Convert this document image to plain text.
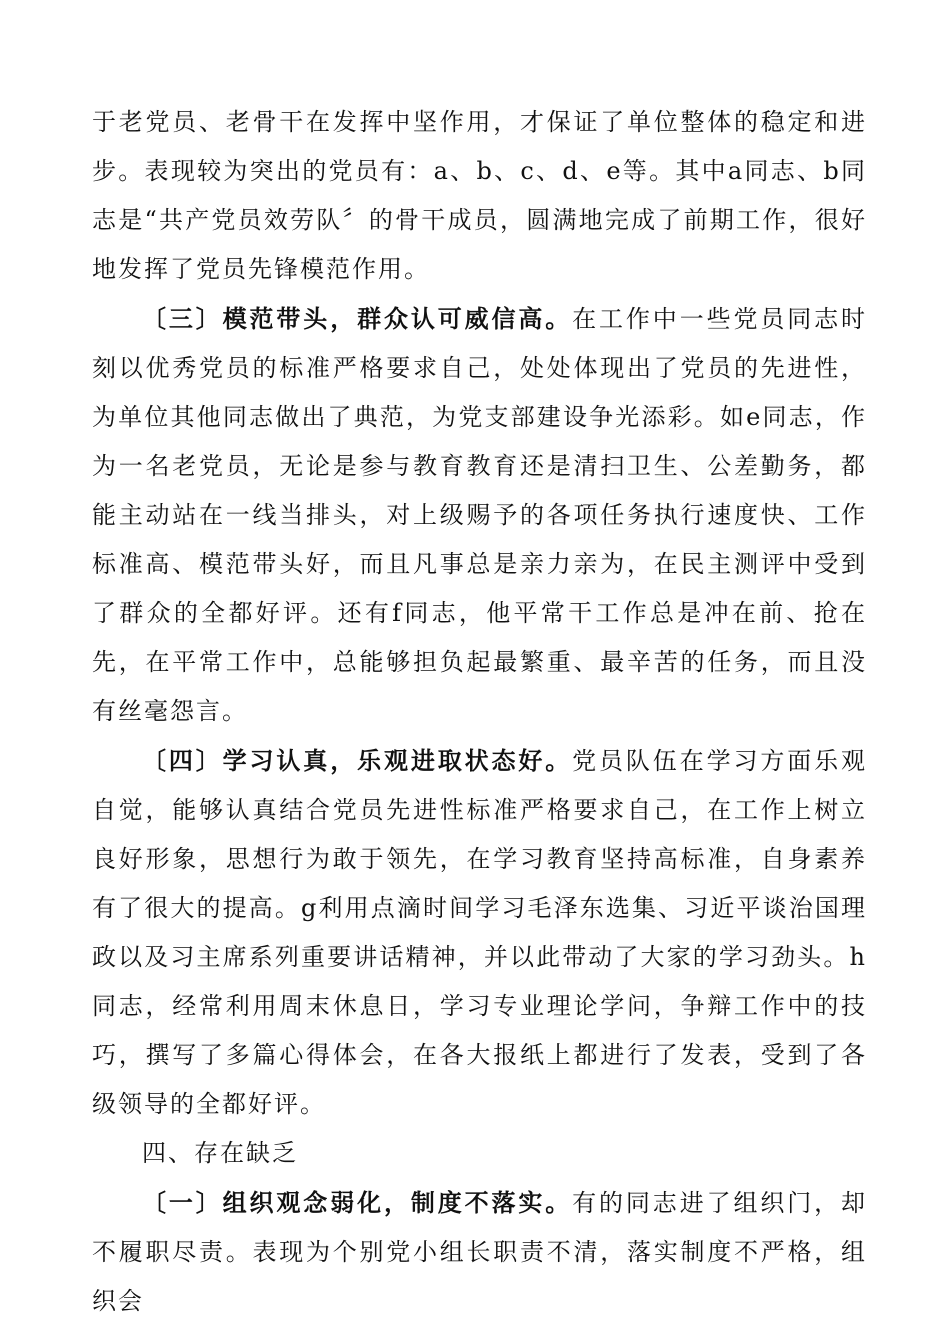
于老党员、老骨干在发挥中坚作用，才保证了单位整体的稳定和进步。表现较为突出的党员有：a、b、c、d、e等。其中a同志、b同志是“共产党员效劳队〞的骨干成员，圆满地完成了前期工作，很好地发挥了党员先锋模范作用。

〔三〕模范带头，群众认可威信高。在工作中一些党员同志时刻以优秀党员的标准严格要求自己，处处体现出了党员的先进性，为单位其他同志做出了典范，为党支部建设争光添彩。如e同志，作为一名老党员，无论是参与教育教育还是清扫卫生、公差勤务，都能主动站在一线当排头，对上级赐予的各项任务执行速度快、工作标准高、模范带头好，而且凡事总是亲力亲为，在民主测评中受到了群众的全都好评。还有f同志，他平常干工作总是冲在前、抢在先，在平常工作中，总能够担负起最繁重、最辛苦的任务，而且没有丝毫怨言。

〔四〕学习认真，乐观进取状态好。党员队伍在学习方面乐观自觉，能够认真结合党员先进性标准严格要求自己，在工作上树立良好形象，思想行为敢于领先，在学习教育坚持高标准，自身素养有了很大的提高。g利用点滴时间学习毛泽东选集、习近平谈治国理政以及习主席系列重要讲话精神，并以此带动了大家的学习劲头。h同志，经常利用周末休息日，学习专业理论学问，争辩工作中的技巧，撰写了多篇心得体会，在各大报纸上都进行了发表，受到了各级领导的全都好评。

四、存在缺乏

〔一〕组织观念弱化，制度不落实。有的同志进了组织门，却不履职尽责。表现为个别党小组长职责不清，落实制度不严格，组织会
